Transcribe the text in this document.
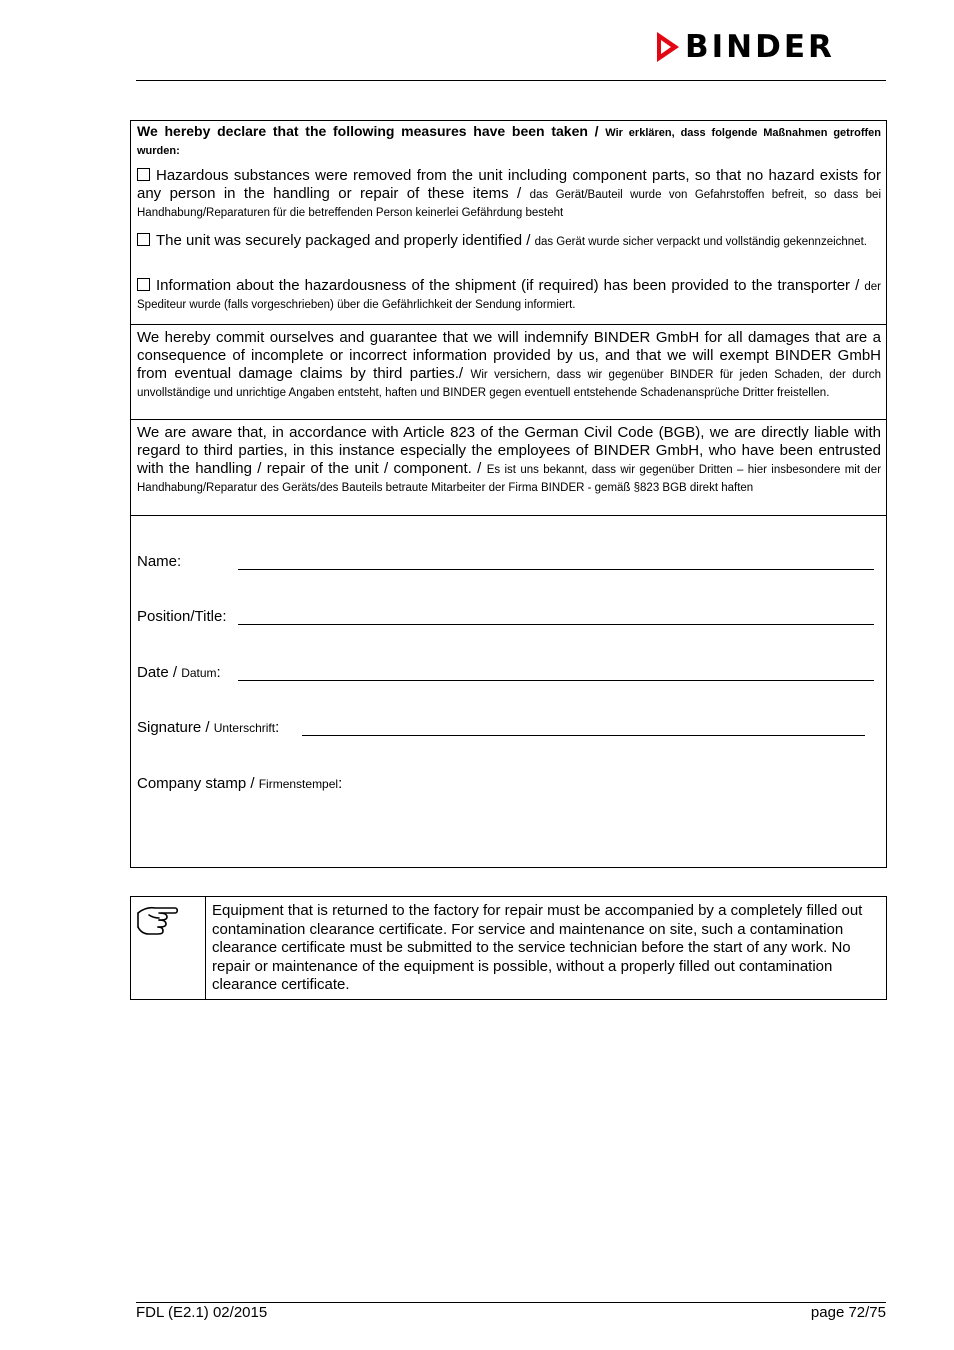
BINDER
We hereby declare that the following measures have been taken / Wir erklären, dass folgende Maßnahmen getroffen wurden:
Hazardous substances were removed from the unit including component parts, so that no hazard exists for any person in the handling or repair of these items / das Gerät/Bauteil wurde von Gefahrstoffen befreit, so dass bei Handhabung/Reparaturen für die betreffenden Person keinerlei Gefährdung besteht
The unit was securely packaged and properly identified / das Gerät wurde sicher verpackt und vollständig gekennzeichnet.
Information about the hazardousness of the shipment (if required) has been provided to the transporter / der Spediteur wurde (falls vorgeschrieben) über die Gefährlichkeit der Sendung informiert.
We hereby commit ourselves and guarantee that we will indemnify BINDER GmbH for all damages that are a consequence of incomplete or incorrect information provided by us, and that we will exempt BINDER GmbH from eventual damage claims by third parties./ Wir versichern, dass wir gegenüber BINDER für jeden Schaden, der durch unvollständige und unrichtige Angaben entsteht, haften und BINDER gegen eventuell entstehende Schadenansprüche Dritter freistellen.
We are aware that, in accordance with Article 823 of the German Civil Code (BGB), we are directly liable with regard to third parties, in this instance especially the employees of BINDER GmbH, who have been entrusted with the handling / repair of the unit / component. / Es ist uns bekannt, dass wir gegenüber Dritten – hier insbesondere mit der Handhabung/Reparatur des Geräts/des Bauteils betraute Mitarbeiter der Firma BINDER - gemäß §823 BGB direkt haften
Name:
Position/Title:
Date / Datum:
Signature / Unterschrift:
Company stamp / Firmenstempel:
Equipment that is returned to the factory for repair must be accompanied by a completely filled out contamination clearance certificate. For service and maintenance on site, such a contamination clearance certificate must be submitted to the service technician before the start of any work. No repair or maintenance of the equipment is possible, without a properly filled out contamination clearance certificate.
FDL (E2.1) 02/2015	page 72/75
